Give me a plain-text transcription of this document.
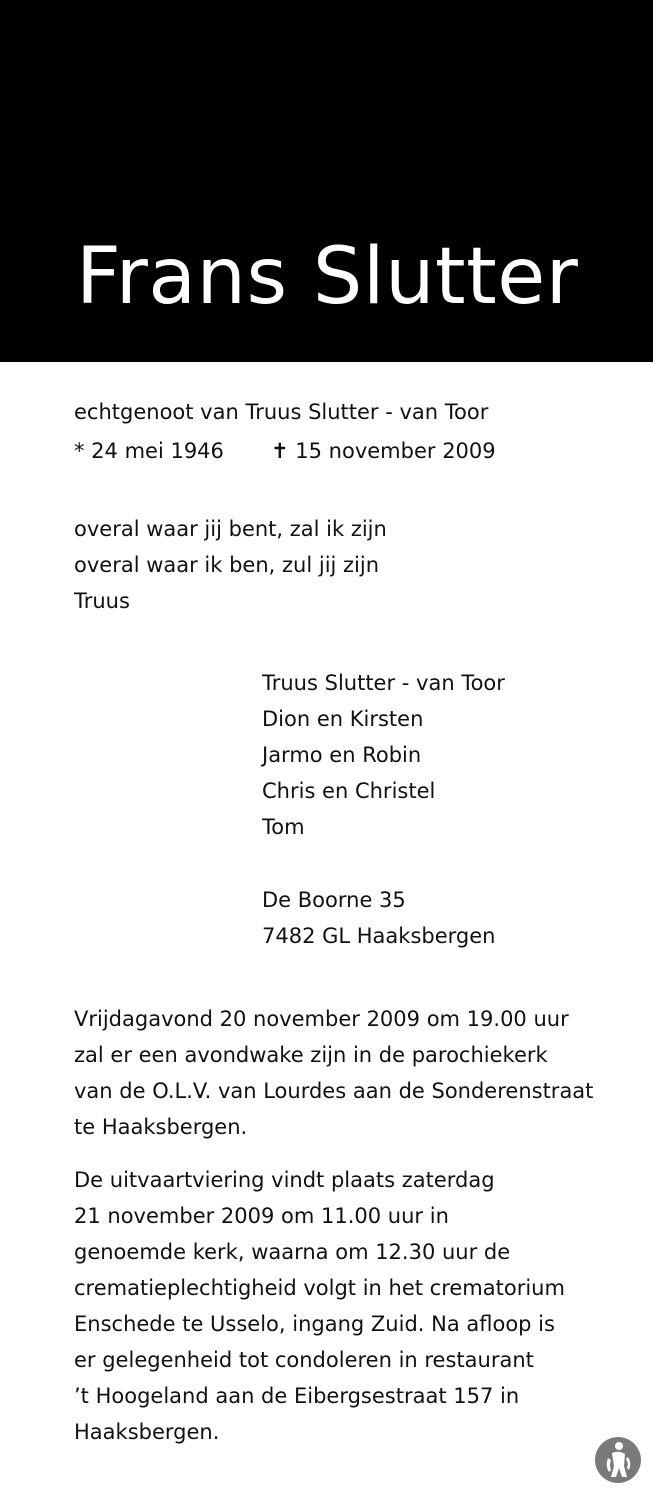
Frans Slutter
echtgenoot van Truus Slutter - van Toor
* 24 mei 1946 ✝ 15 november 2009
overal waar jij bent, zal ik zijn
overal waar ik ben, zul jij zijn
Truus
Truus Slutter - van Toor
Dion en Kirsten
Jarmo en Robin
Chris en Christel
Tom
De Boorne 35
7482 GL Haaksbergen
Vrijdagavond 20 november 2009 om 19.00 uur
zal er een avondwake zijn in de parochiekerk
van de O.L.V. van Lourdes aan de Sonderenstraat
te Haaksbergen.
De uitvaartviering vindt plaats zaterdag
21 november 2009 om 11.00 uur in
genoemde kerk, waarna om 12.30 uur de
crematieplechtigheid volgt in het crematorium
Enschede te Usselo, ingang Zuid. Na afloop is
er gelegenheid tot condoleren in restaurant
’t Hoogeland aan de Eibergsestraat 157 in
Haaksbergen.
